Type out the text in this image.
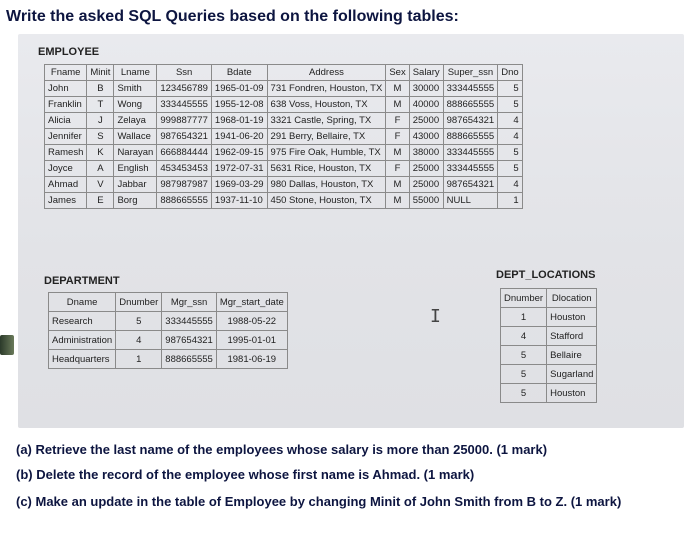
Write the asked SQL Queries based on the following tables:
EMPLOYEE
Fname	Minit	Lname	Ssn	Bdate	Address	Sex	Salary	Super_ssn	Dno
John	B	Smith	123456789	1965-01-09	731 Fondren, Houston, TX	M	30000	333445555	5
Franklin	T	Wong	333445555	1955-12-08	638 Voss, Houston, TX	M	40000	888665555	5
Alicia	J	Zelaya	999887777	1968-01-19	3321 Castle, Spring, TX	F	25000	987654321	4
Jennifer	S	Wallace	987654321	1941-06-20	291 Berry, Bellaire, TX	F	43000	888665555	4
Ramesh	K	Narayan	666884444	1962-09-15	975 Fire Oak, Humble, TX	M	38000	333445555	5
Joyce	A	English	453453453	1972-07-31	5631 Rice, Houston, TX	F	25000	333445555	5
Ahmad	V	Jabbar	987987987	1969-03-29	980 Dallas, Houston, TX	M	25000	987654321	4
James	E	Borg	888665555	1937-11-10	450 Stone, Houston, TX	M	55000	NULL	1
DEPARTMENT
Dname	Dnumber	Mgr_ssn	Mgr_start_date
Research	5	333445555	1988-05-22
Administration	4	987654321	1995-01-01
Headquarters	1	888665555	1981-06-19
DEPT_LOCATIONS
Dnumber	Dlocation
1	Houston
4	Stafford
5	Bellaire
5	Sugarland
5	Houston
I
(a) Retrieve the last name of the employees whose salary is more than 25000. (1 mark)
(b) Delete the record of the employee whose first name is Ahmad. (1 mark)
(c) Make an update in the table of Employee by changing Minit of John Smith from B to Z. (1 mark)
